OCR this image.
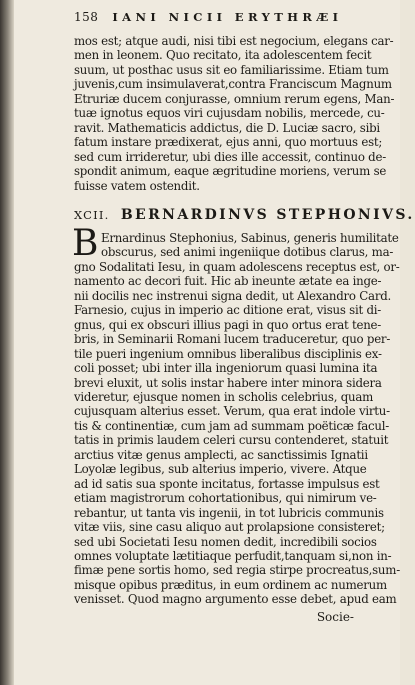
158 IANI NICII ERYTHRÆI
mos est; atque audi, nisi tibi est negocium, elegans car-
men in leonem. Quo recitato, ita adolescentem fecit
suum, ut posthac usus sit eo familiarissime. Etiam tum
juvenis,cum insimulaverat,contra Franciscum Magnum
Etruriæ ducem conjurasse, omnium rerum egens, Man-
tuæ ignotus equos viri cujusdam nobilis, mercede, cu-
ravit. Mathematicis addictus, die D. Luciæ sacro, sibi
fatum instare prædixerat, ejus anni, quo mortuus est;
sed cum irrideretur, ubi dies ille accessit, continuo de-
spondit animum, eaque ægritudine moriens, verum se
fuisse vatem ostendit.
XCII. BERNARDINVS STEPHONIVS.
B Ernardinus Stephonius, Sabinus, generis humilitate
obscurus, sed animi ingeniique dotibus clarus, ma-
gno Sodalitati Iesu, in quam adolescens receptus est, or-
namento ac decori fuit. Hic ab ineunte ætate ea inge-
nii docilis nec instrenui signa dedit, ut Alexandro Card.
Farnesio, cujus in imperio ac ditione erat, visus sit di-
gnus, qui ex obscuri illius pagi in quo ortus erat tene-
bris, in Seminarii Romani lucem traduceretur, quo per-
tile pueri ingenium omnibus liberalibus disciplinis ex-
coli posset; ubi inter illa ingeniorum quasi lumina ita
brevi eluxit, ut solis instar habere inter minora sidera
videretur, ejusque nomen in scholis celebrius, quam
cujusquam alterius esset. Verum, qua erat indole virtu-
tis & continentiæ, cum jam ad summam poëticæ facul-
tatis in primis laudem celeri cursu contenderet, statuit
arctius vitæ genus amplecti, ac sanctissimis Ignatii
Loyolæ legibus, sub alterius imperio, vivere. Atque
ad id satis sua sponte incitatus, fortasse impulsus est
etiam magistrorum cohortationibus, qui nimirum ve-
rebantur, ut tanta vis ingenii, in tot lubricis communis
vitæ viis, sine casu aliquo aut prolapsione consisteret;
sed ubi Societati Iesu nomen dedit, incredibili socios
omnes voluptate lætitiaque perfudit,tanquam si,non in-
fimæ pene sortis homo, sed regia stirpe procreatus,sum-
misque opibus præditus, in eum ordinem ac numerum
venisset. Quod magno argumento esse debet, apud eam
Socie-
